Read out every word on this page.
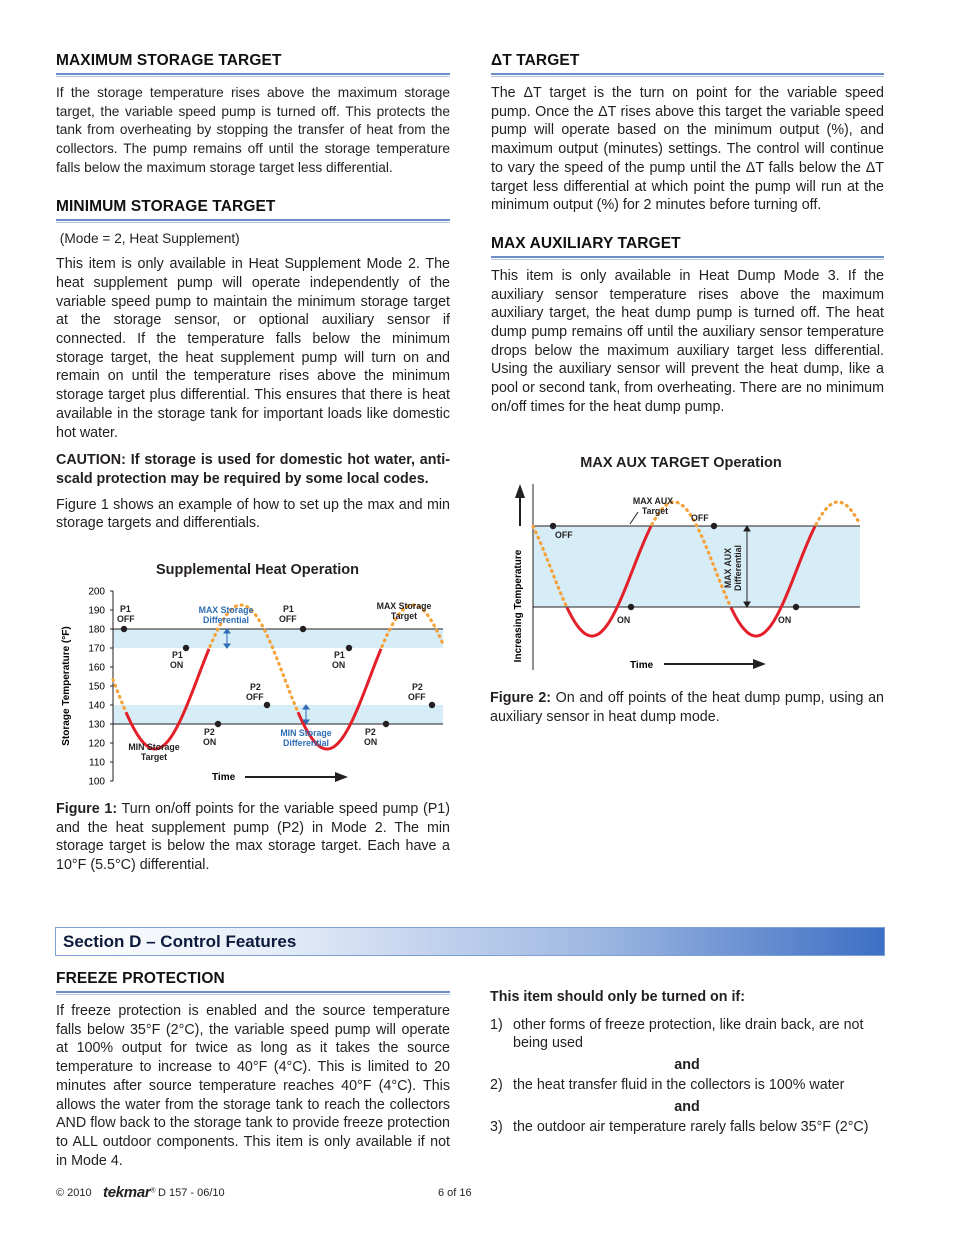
MAXIMUM STORAGE TARGET
If the storage temperature rises above the maximum storage target, the variable speed pump is turned off. This protects the tank from overheating by stopping the transfer of heat from the collectors. The pump remains off until the storage temperature falls below the maximum storage target less differential.
MINIMUM STORAGE TARGET
(Mode = 2, Heat Supplement)
This item is only available in Heat Supplement Mode 2. The heat supplement pump will operate independently of the variable speed pump to maintain the minimum storage target at the storage sensor, or optional auxiliary sensor if connected. If the temperature falls below the minimum storage target, the heat supplement pump will turn on and remain on until the temperature rises above the minimum storage target plus differential. This ensures that there is heat available in the storage tank for important loads like domestic hot water.
CAUTION: If storage is used for domestic hot water, anti-scald protection may be required by some local codes.
Figure 1 shows an example of how to set up the max and min storage targets and differentials.
Supplemental Heat Operation
200
190
180
170
160
150
140
130
120
110
100
Storage Temperature (°F)
P1 OFF
P1 ON
P2 OFF
P2 ON
P1 OFF
P1 ON
P2 OFF
P2 ON
MAX Storage Target
MIN Storage Target
MAX Storage Differential
MIN Storage Differential
Time
Figure 1: Turn on/off points for the variable speed pump (P1) and the heat supplement pump (P2) in Mode 2. The min storage target is below the max storage target. Each have a 10°F (5.5°C) differential.
ΔT TARGET
The ΔT target is the turn on point for the variable speed pump. Once the ΔT rises above this target the variable speed pump will operate based on the minimum output (%), and maximum output (minutes) settings. The control will continue to vary the speed of the pump until the ΔT falls below the ΔT target less differential at which point the pump will run at the minimum output (%) for 2 minutes before turning off.
MAX AUXILIARY TARGET
This item is only available in Heat Dump Mode 3. If the auxiliary sensor temperature rises above the maximum auxiliary target, the heat dump pump is turned off. The heat dump pump remains off until the auxiliary sensor temperature drops below the maximum auxiliary target less differential. Using the auxiliary sensor will prevent the heat dump, like a pool or second tank, from overheating. There are no minimum on/off times for the heat dump pump.
MAX AUX TARGET Operation
Increasing Temperature
OFF
OFF
ON	ON
MAX AUX Target
MAX AUXDifferential
Time
Figure 2: On and off points of the heat dump pump, using an auxiliary sensor in heat dump mode.
Section D – Control Features
FREEZE PROTECTION
If freeze protection is enabled and the source temperature falls below 35°F (2°C), the variable speed pump will operate at 100% output for twice as long as it takes the source temperature to increase to 40°F (4°C). This is limited to 20 minutes after source temperature reaches 40°F (4°C). This allows the water from the storage tank to reach the collectors AND flow back to the storage tank to provide freeze protection to ALL outdoor components. This item is only available if not in Mode 4.
This item should only be turned on if:
1) other forms of freeze protection, like drain back, are not being used
and
2) the heat transfer fluid in the collectors is 100% water
and
3) the outdoor air temperature rarely falls below 35°F (2°C)
© 2010 tekmar® D 157 - 06/10	6 of 16
